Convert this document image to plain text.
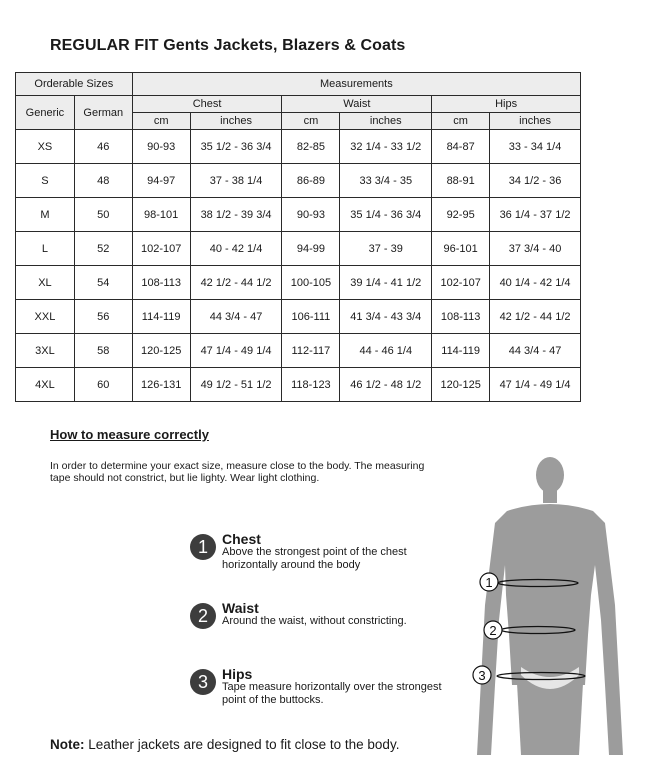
REGULAR FIT Gents Jackets, Blazers & Coats
Orderable Sizes		Measurements					
Generic	German	Chest		Waist		Hips	
		cm	inches	cm	inches	cm	inches
XS	46	90-93	35 1/2 - 36 3/4	82-85	32 1/4 - 33 1/2	84-87	33 - 34 1/4
S	48	94-97	37 - 38 1/4	86-89	33 3/4 - 35	88-91	34 1/2 - 36
M	50	98-101	38 1/2 - 39 3/4	90-93	35 1/4 - 36 3/4	92-95	36 1/4 - 37 1/2
L	52	102-107	40 - 42 1/4	94-99	37 - 39	96-101	37 3/4 - 40
XL	54	108-113	42 1/2 - 44 1/2	100-105	39 1/4 - 41 1/2	102-107	40 1/4 - 42 1/4
XXL	56	114-119	44 3/4 - 47	106-111	41 3/4 - 43 3/4	108-113	42 1/2 - 44 1/2
3XL	58	120-125	47 1/4 - 49 1/4	112-117	44 - 46 1/4	114-119	44 3/4 - 47
4XL	60	126-131	49 1/2 - 51 1/2	118-123	46 1/2 - 48 1/2	120-125	47 1/4 - 49 1/4
How to measure correctly
In order to determine your exact size, measure close to the body. The measuring tape should not constrict, but lie lighty. Wear light clothing.
1	Chest
Above the strongest point of the chest horizontally around the body
2	Waist
Around the waist, without constricting.
3	Hips
Tape measure horizontally over the strongest point of the buttocks.
1
2
3
Note: Leather jackets are designed to fit close to the body.
